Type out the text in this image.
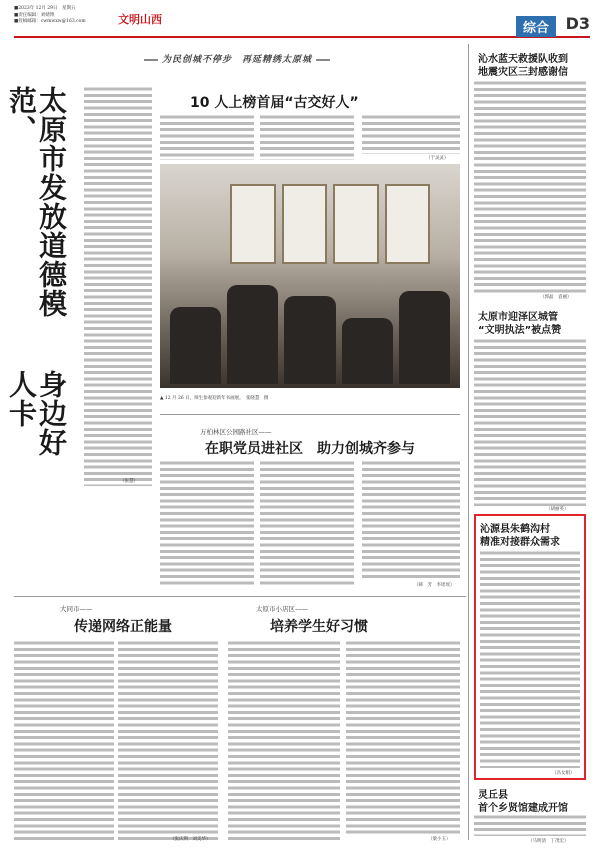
■2023年 12月 29日　星期五
■责任编辑：刘婧博
■投稿邮箱：cwmwxw@163.com	文明山西
综合	D3
为民创城不停步　再延精绣太原城
太原市发放道德模范、
身边好人卡
（张慧）
10 人上榜首届“古交好人”
（于灵灵）
▲ 12 月 26 日，师生参观迎新年书画展。　张晓慧　摄
万柏林区公园路社区——
在职党员进社区　助力创城齐参与
（韩　芳　李瑶瑶）
大同市——
传递网络正能量
（张庆利　刘美华）
太原市小店区——
培养学生好习惯
（梁小玉）
沁水蓝天救援队收到
地震灾区三封感谢信
（郭晶　袁丽）
太原市迎泽区城管
“文明执法”被点赞
（胡丽英）
沁源县朱鹤沟村
精准对接群众需求
（冯女娟）
灵丘县
首个乡贤馆建成开馆
（马明清　丁茂宏）
